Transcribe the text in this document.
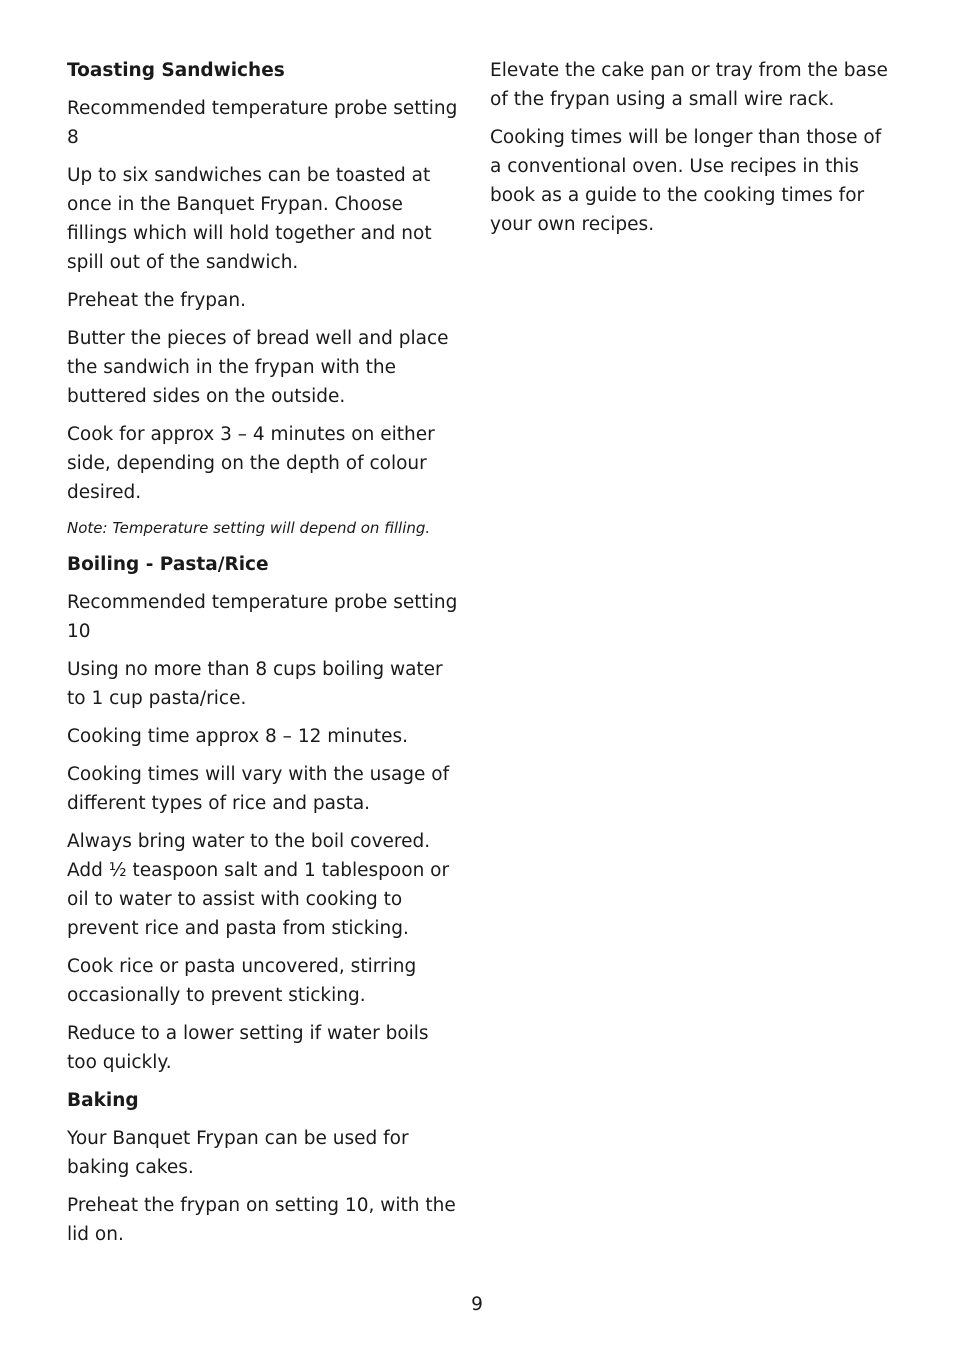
Toasting Sandwiches

Recommended temperature probe setting 8

Up to six sandwiches can be toasted at once in the Banquet Frypan. Choose fillings which will hold together and not spill out of the sandwich.

Preheat the frypan.

Butter the pieces of bread well and place the sandwich in the frypan with the buttered sides on the outside.

Cook for approx 3 – 4 minutes on either side, depending on the depth of colour desired.

Note: Temperature setting will depend on filling.

Boiling - Pasta/Rice

Recommended temperature probe setting 10

Using no more than 8 cups boiling water to 1 cup pasta/rice.

Cooking time approx 8 – 12 minutes.

Cooking times will vary with the usage of different types of rice and pasta.

Always bring water to the boil covered. Add ½ teaspoon salt and 1 tablespoon or oil to water to assist with cooking to prevent rice and pasta from sticking.

Cook rice or pasta uncovered, stirring occasionally to prevent sticking.

Reduce to a lower setting if water boils too quickly.

Baking

Your Banquet Frypan can be used for baking cakes.

Preheat the frypan on setting 10, with the lid on.

Elevate the cake pan or tray from the base of the frypan using a small wire rack.

Cooking times will be longer than those of a conventional oven. Use recipes in this book as a guide to the cooking times for your own recipes.

9
